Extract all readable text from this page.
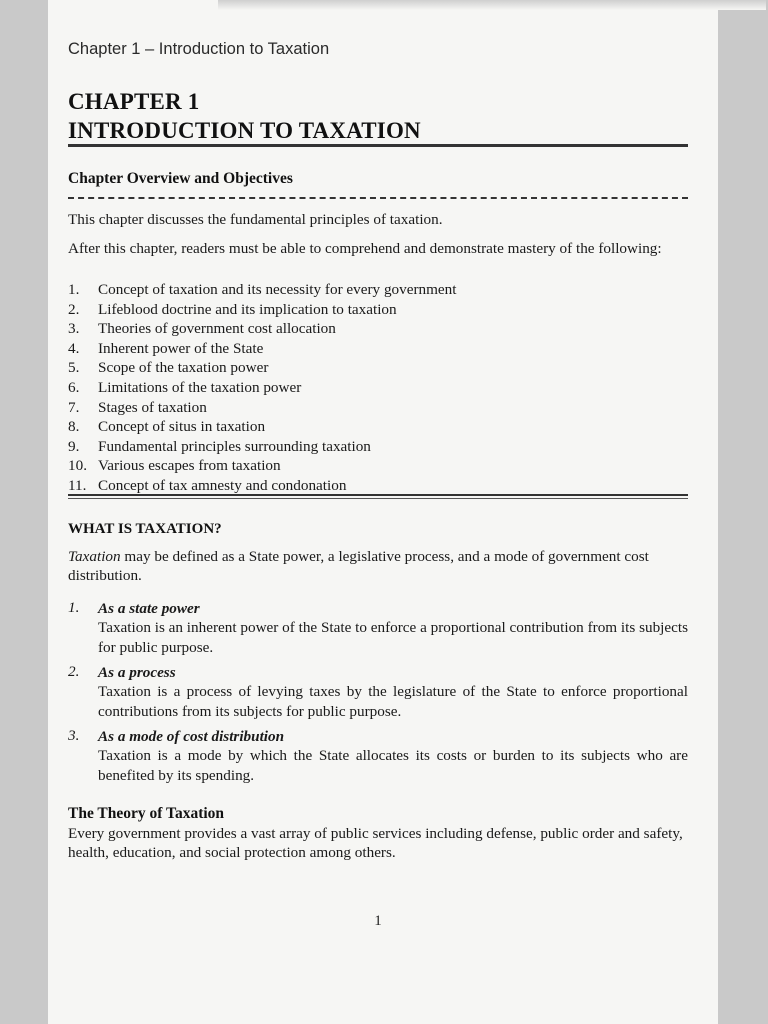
Chapter 1 – Introduction to Taxation
CHAPTER 1
INTRODUCTION TO TAXATION
Chapter Overview and Objectives
This chapter discusses the fundamental principles of taxation.
After this chapter, readers must be able to comprehend and demonstrate mastery of the following:
1.	Concept of taxation and its necessity for every government
2.	Lifeblood doctrine and its implication to taxation
3.	Theories of government cost allocation
4.	Inherent power of the State
5.	Scope of the taxation power
6.	Limitations of the taxation power
7.	Stages of taxation
8.	Concept of situs in taxation
9.	Fundamental principles surrounding taxation
10. Various escapes from taxation
11. Concept of tax amnesty and condonation
WHAT IS TAXATION?
Taxation may be defined as a State power, a legislative process, and a mode of government cost distribution.
1.	As a state power
Taxation is an inherent power of the State to enforce a proportional contribution from its subjects for public purpose.
2.	As a process
Taxation is a process of levying taxes by the legislature of the State to enforce proportional contributions from its subjects for public purpose.
3.	As a mode of cost distribution
Taxation is a mode by which the State allocates its costs or burden to its subjects who are benefited by its spending.
The Theory of Taxation
Every government provides a vast array of public services including defense, public order and safety, health, education, and social protection among others.
1
